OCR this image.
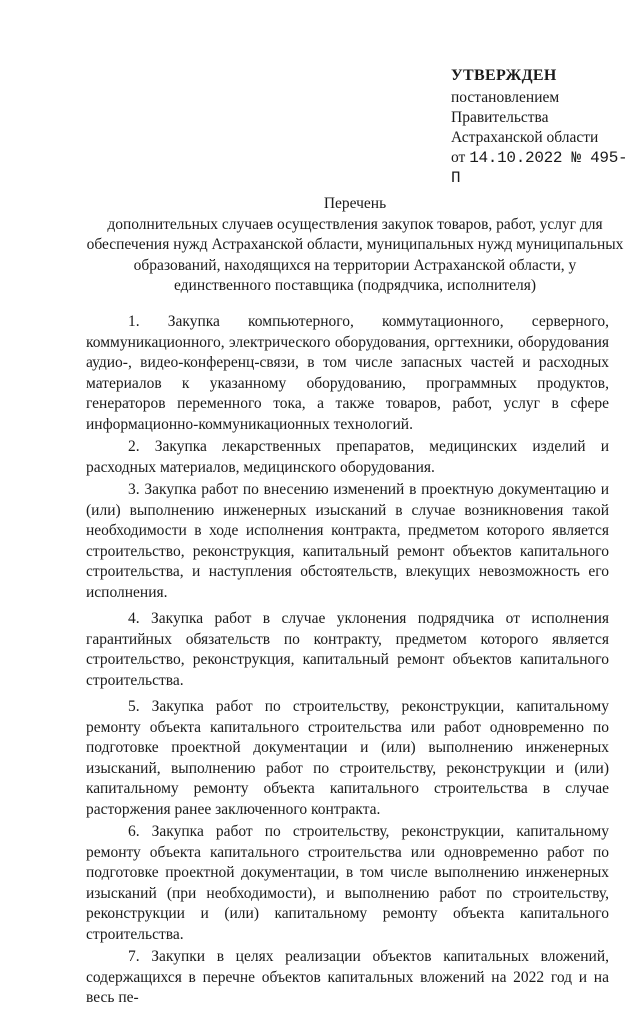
УТВЕРЖДЕН
постановлением
Правительства
Астраханской области
от 14.10.2022 № 495-П
Перечень
дополнительных случаев осуществления закупок товаров, работ, услуг для обеспечения нужд Астраханской области, муниципальных нужд муниципальных образований, находящихся на территории Астраханской области, у единственного поставщика (подрядчика, исполнителя)

1. Закупка компьютерного, коммутационного, серверного, коммуникационного, электрического оборудования, оргтехники, оборудования аудио-, видео-конференц-связи, в том числе запасных частей и расходных материалов к указанному оборудованию, программных продуктов, генераторов переменного тока, а также товаров, работ, услуг в сфере информационно-коммуникационных технологий.

2. Закупка лекарственных препаратов, медицинских изделий и расходных материалов, медицинского оборудования.

3. Закупка работ по внесению изменений в проектную документацию и (или) выполнению инженерных изысканий в случае возникновения такой необходимости в ходе исполнения контракта, предметом которого является строительство, реконструкция, капитальный ремонт объектов капитального строительства, и наступления обстоятельств, влекущих невозможность его исполнения.

4. Закупка работ в случае уклонения подрядчика от исполнения гарантийных обязательств по контракту, предметом которого является строительство, реконструкция, капитальный ремонт объектов капитального строительства.

5. Закупка работ по строительству, реконструкции, капитальному ремонту объекта капитального строительства или работ одновременно по подготовке проектной документации и (или) выполнению инженерных изысканий, выполнению работ по строительству, реконструкции и (или) капитальному ремонту объекта капитального строительства в случае расторжения ранее заключенного контракта.

6. Закупка работ по строительству, реконструкции, капитальному ремонту объекта капитального строительства или одновременно работ по подготовке проектной документации, в том числе выполнению инженерных изысканий (при необходимости), и выполнению работ по строительству, реконструкции и (или) капитальному ремонту объекта капитального строительства.

7. Закупки в целях реализации объектов капитальных вложений, содержащихся в перечне объектов капитальных вложений на 2022 год и на весь пе-
